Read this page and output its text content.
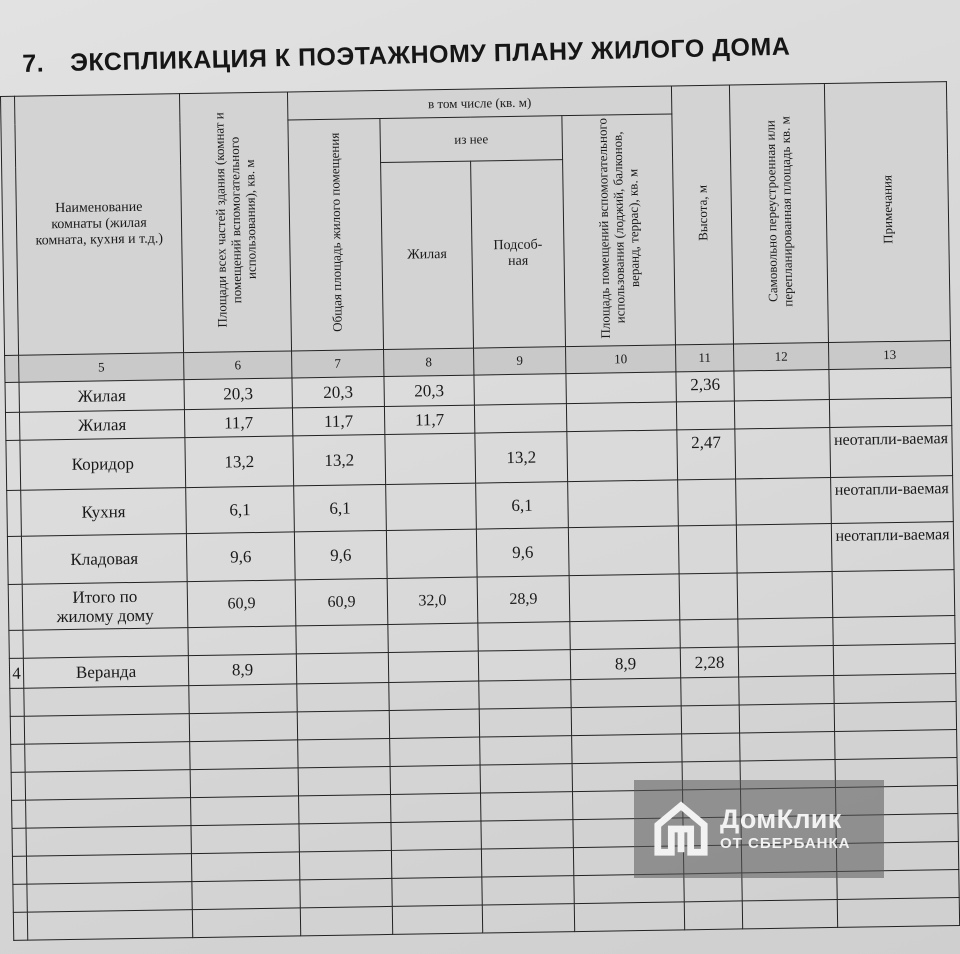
7. ЭКСПЛИКАЦИЯ К ПОЭТАЖНОМУ ПЛАНУ ЖИЛОГО ДОМА
	Наименование комнаты (жилая комната, кухня и т.д.)	Площади всех частей здания (комнат и помещений вспомогательного использования), кв. м	в том числе (кв. м)				Высота, м	Самовольно переустроенная или перепланированная площадь кв. м	Примечания
			Общая площадь жилого помещения	из нее		Площадь помещений вспомогательного использования (лоджий, балконов, веранд, террас), кв. м			
				Жилая	Подсоб-ная				
	5	6	7	8	9	10	11	12	13
	Жилая	20,3	20,3	20,3			2,36		
	Жилая	11,7	11,7	11,7					
	Коридор	13,2	13,2		13,2		2,47		неотапли-ваемая
	Кухня	6,1	6,1		6,1				неотапли-ваемая
	Кладовая	9,6	9,6		9,6				неотапли-ваемая
	Итого по жилому дому	60,9	60,9	32,0	28,9				

4	Веранда	8,9				8,9	2,28		

ДомКлик
ОТ СБЕРБАНКА
